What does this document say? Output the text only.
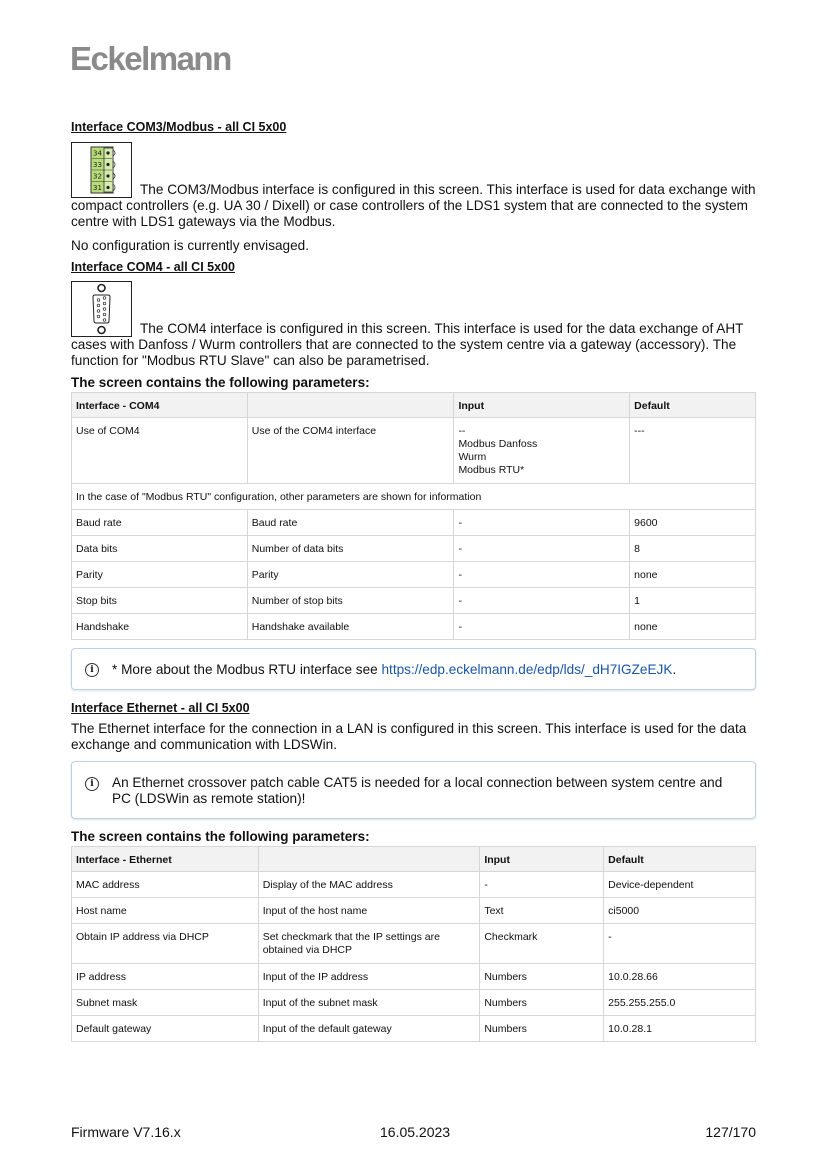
Eckelmann

Interface COM3/Modbus - all CI 5x00

34
33
32
31	The COM3/Modbus interface is configured in this screen. This interface is used for data exchange with compact controllers (e.g. UA 30 / Dixell) or case controllers of the LDS1 system that are connected to the system centre with LDS1 gateways via the Modbus.

No configuration is currently envisaged.

Interface COM4 - all CI 5x00

The COM4 interface is configured in this screen. This interface is used for the data exchange of AHT cases with Danfoss / Wurm controllers that are connected to the system centre via a gateway (accessory). The function for "Modbus RTU Slave" can also be parametrised.

The screen contains the following parameters:

Interface - COM4		Input	Default
Use of COM4	Use of the COM4 interface	--
Modbus Danfoss
Wurm
Modbus RTU*	---
In the case of "Modbus RTU" configuration, other parameters are shown for information			
Baud rate	Baud rate	-	9600
Data bits	Number of data bits	-	8
Parity	Parity	-	none
Stop bits	Number of stop bits	-	1
Handshake	Handshake available	-	none
i	* More about the Modbus RTU interface see https://edp.eckelmann.de/edp/lds/_dH7IGZeEJK.

Interface Ethernet - all CI 5x00

The Ethernet interface for the connection in a LAN is configured in this screen. This interface is used for the data exchange and communication with LDSWin.

i	An Ethernet crossover patch cable CAT5 is needed for a local connection between system centre and PC (LDSWin as remote station)!

The screen contains the following parameters:

Interface - Ethernet		Input	Default
MAC address	Display of the MAC address	-	Device-dependent
Host name	Input of the host name	Text	ci5000
Obtain IP address via DHCP	Set checkmark that the IP settings are obtained via DHCP	Checkmark	-
IP address	Input of the IP address	Numbers	10.0.28.66
Subnet mask	Input of the subnet mask	Numbers	255.255.255.0
Default gateway	Input of the default gateway	Numbers	10.0.28.1
Firmware V7.16.x	16.05.2023	127/170
